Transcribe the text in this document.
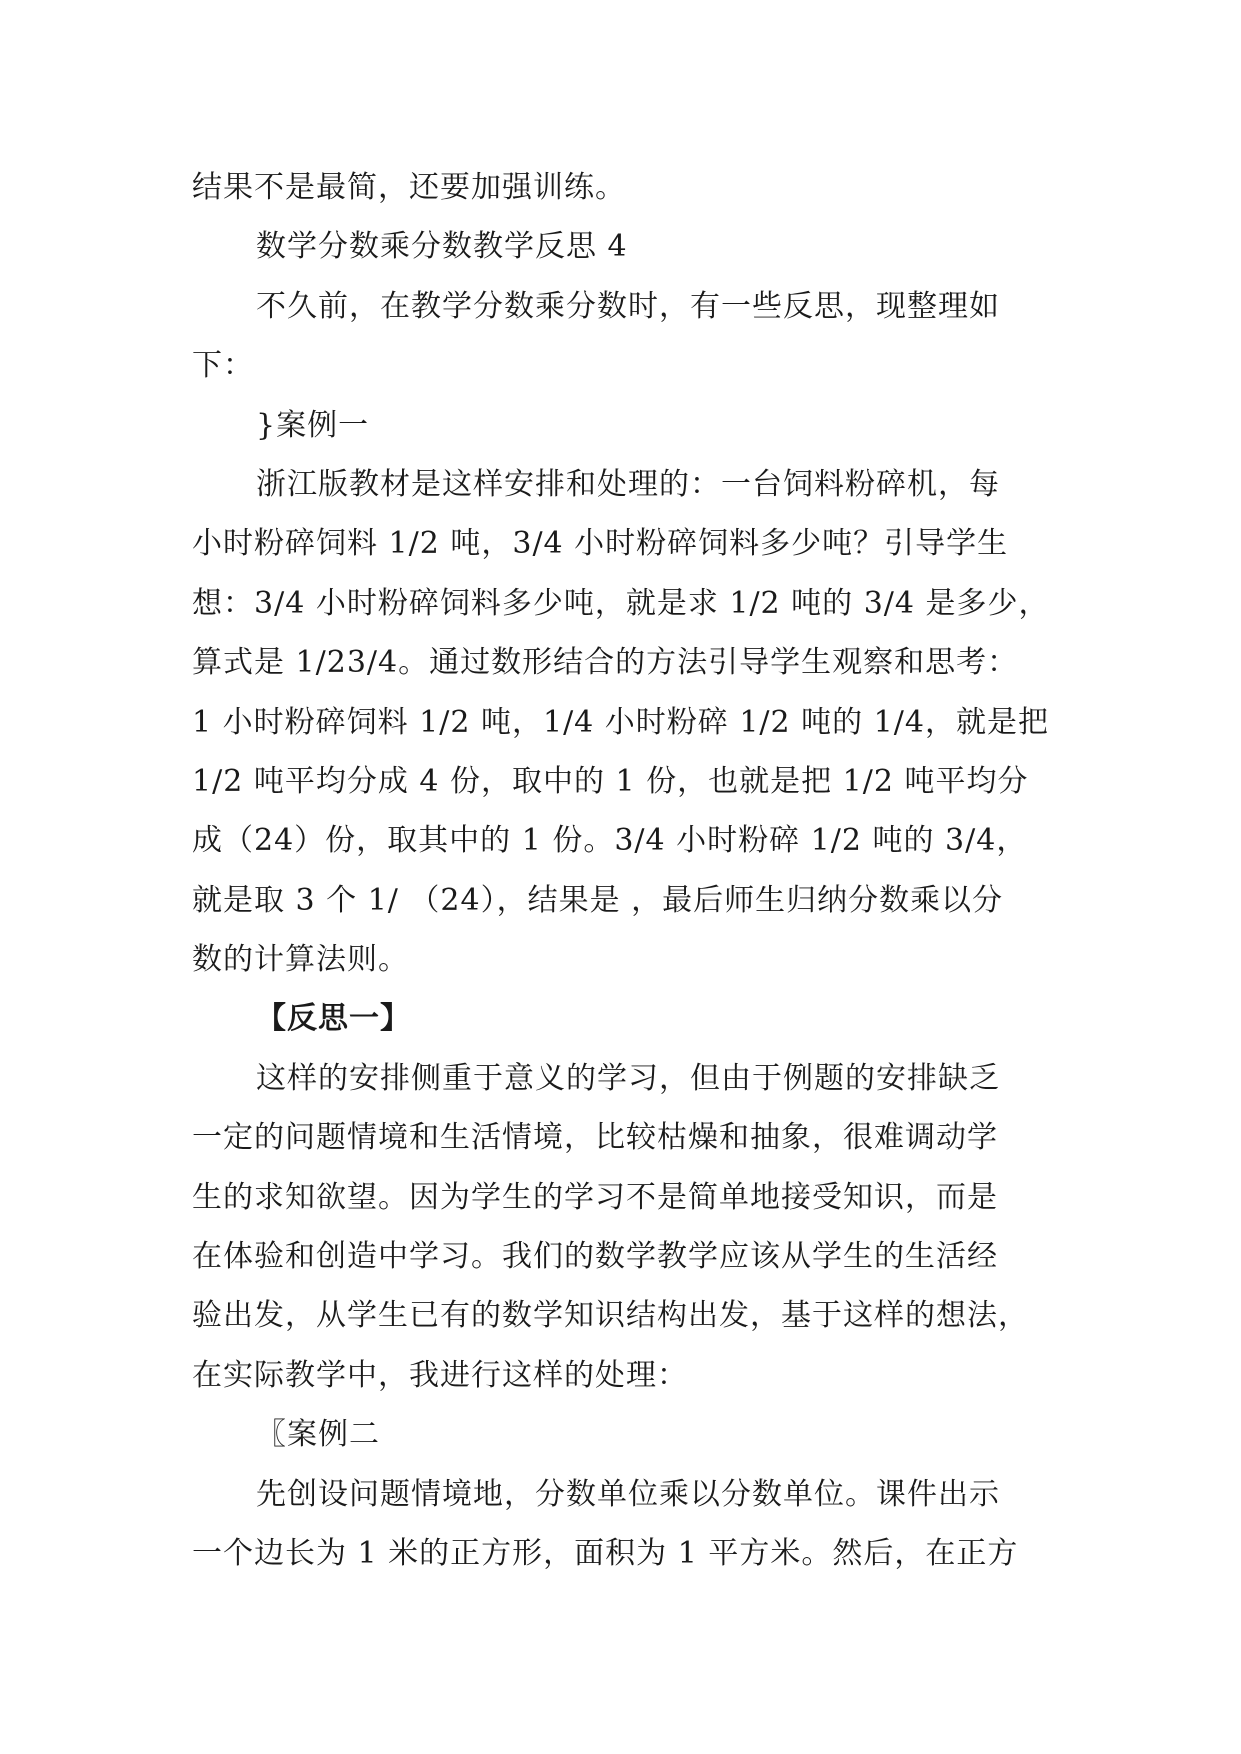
结果不是最简，还要加强训练。
数学分数乘分数教学反思 4
不久前，在教学分数乘分数时，有一些反思，现整理如
下：
}案例一
浙江版教材是这样安排和处理的：一台饲料粉碎机，每
小时粉碎饲料 1/2 吨，3/4 小时粉碎饲料多少吨？引导学生
想：3/4 小时粉碎饲料多少吨，就是求 1/2 吨的 3/4 是多少，
算式是 1/23/4。通过数形结合的方法引导学生观察和思考：
1 小时粉碎饲料 1/2 吨，1/4 小时粉碎 1/2 吨的 1/4，就是把
1/2 吨平均分成 4 份，取中的 1 份，也就是把 1/2 吨平均分
成（24）份，取其中的 1 份。3/4 小时粉碎 1/2 吨的 3/4，
就是取 3 个 1/ （24），结果是 ，最后师生归纳分数乘以分
数的计算法则。
【反思一】
这样的安排侧重于意义的学习，但由于例题的安排缺乏
一定的问题情境和生活情境，比较枯燥和抽象，很难调动学
生的求知欲望。因为学生的学习不是简单地接受知识，而是
在体验和创造中学习。我们的数学教学应该从学生的生活经
验出发，从学生已有的数学知识结构出发，基于这样的想法，
在实际教学中，我进行这样的处理：
〖案例二
先创设问题情境地，分数单位乘以分数单位。课件出示
一个边长为 1 米的正方形，面积为 1 平方米。然后，在正方
